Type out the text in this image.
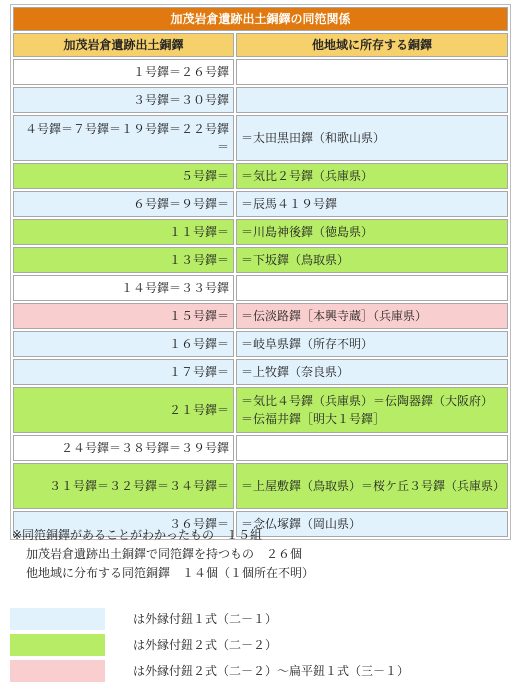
加茂岩倉遺跡出土銅鐸の同笵関係	
加茂岩倉遺跡出土銅鐸	他地域に所存する銅鐸
１号鐸＝２６号鐸	
３号鐸＝３０号鐸	
４号鐸＝７号鐸＝１９号鐸＝２２号鐸＝	＝太田黒田鐸（和歌山県）
５号鐸＝	＝気比２号鐸（兵庫県）
６号鐸＝９号鐸＝	＝辰馬４１９号鐸
１１号鐸＝	＝川島神後鐸（徳島県）
１３号鐸＝	＝下坂鐸（鳥取県）
１４号鐸＝３３号鐸	
１５号鐸＝	＝伝淡路鐸［本興寺蔵］（兵庫県）
１６号鐸＝	＝岐阜県鐸（所存不明）
１７号鐸＝	＝上牧鐸（奈良県）
２１号鐸＝	＝気比４号鐸（兵庫県）＝伝陶器鐸（大阪府）＝伝福井鐸［明大１号鐸］
２４号鐸＝３８号鐸＝３９号鐸	
３１号鐸＝３２号鐸＝３４号鐸＝	＝上屋敷鐸（鳥取県）＝桜ケ丘３号鐸（兵庫県）
３６号鐸＝	＝念仏塚鐸（岡山県）
※同笵銅鐸があることがわかったもの　１５組
加茂岩倉遺跡出土銅鐸で同笵鐸を持つもの　２６個
他地域に分布する同笵銅鐸　１４個（１個所在不明）
は外縁付鈕１式（二－１）
は外縁付鈕２式（二－２）
は外縁付鈕２式（二－２）～扁平鈕１式（三－１）
